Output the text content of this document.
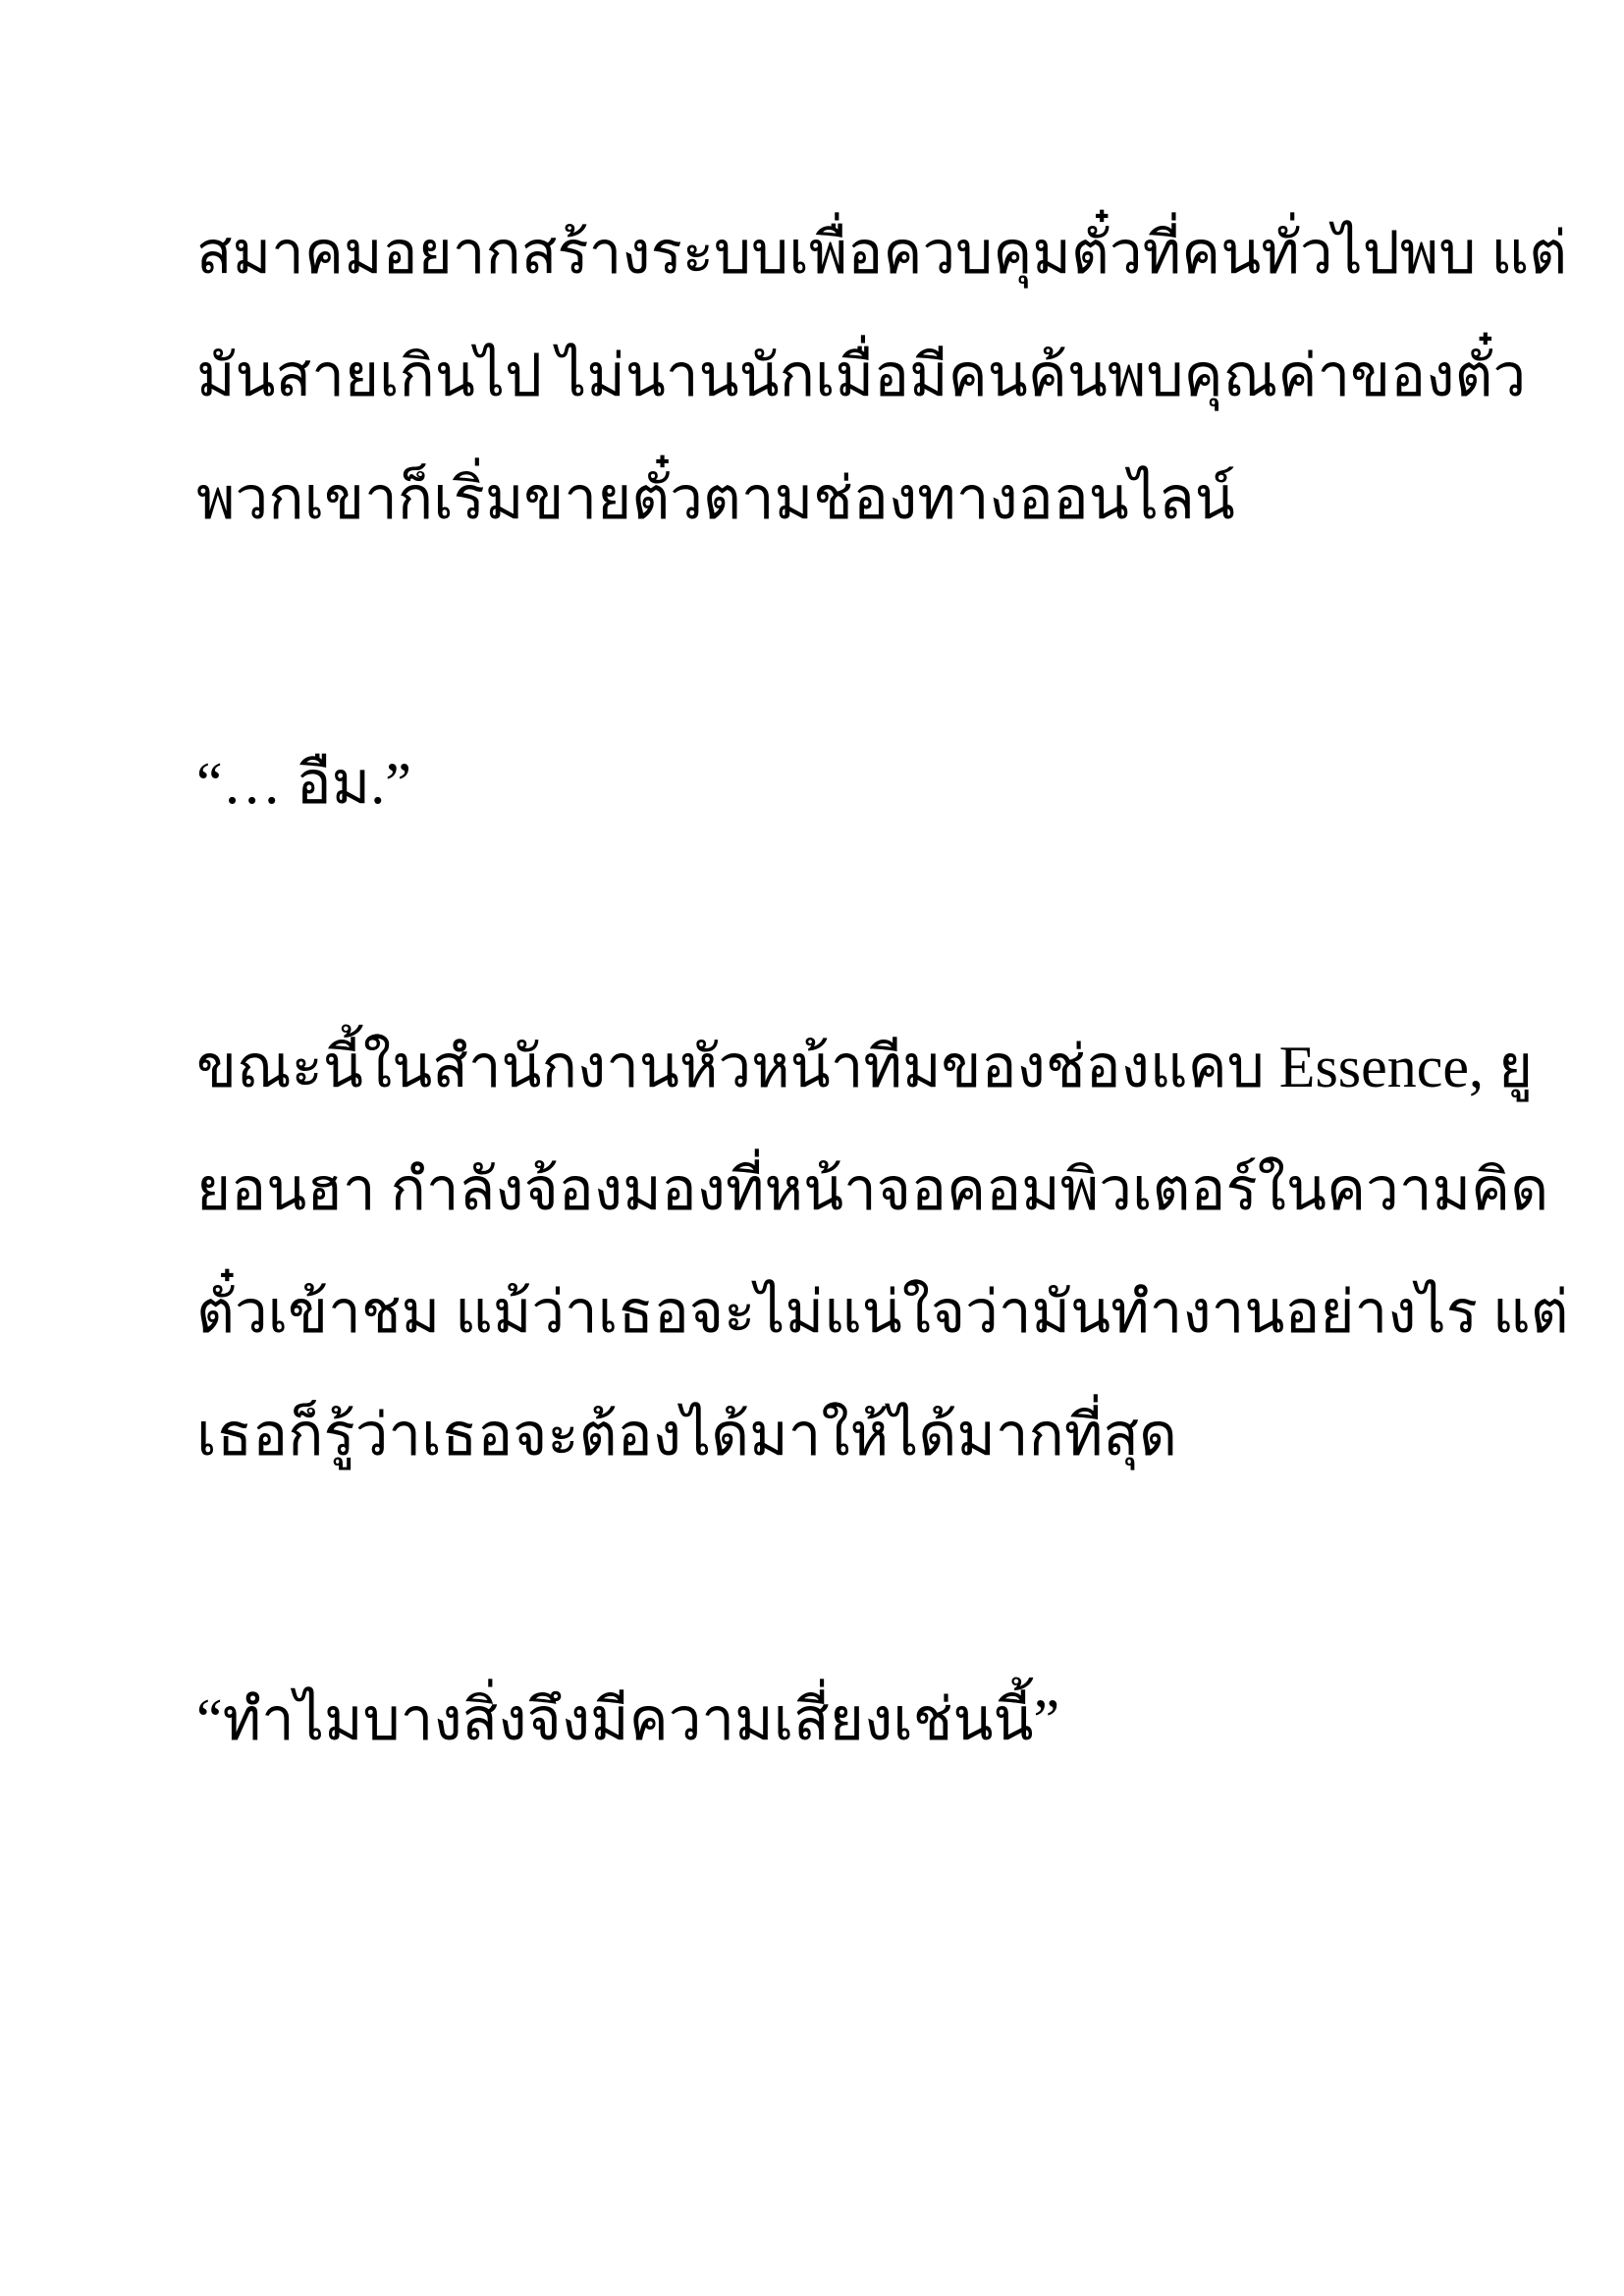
สมาคมอยากสร้างระบบเพื่อควบคุมตั๋วที่คนทั่วไปพบ แต่
มันสายเกินไป ไม่นานนักเมื่อมีคนค้นพบคุณค่าของตั๋ว
พวกเขาก็เริ่มขายตั๋วตามช่องทางออนไลน์
“… อืม.”
ขณะนี้ในสำนักงานหัวหน้าทีมของช่องแคบ Essence, ยู
ยอนฮา กำลังจ้องมองที่หน้าจอคอมพิวเตอร์ในความคิด
ตั๋วเข้าชม แม้ว่าเธอจะไม่แน่ใจว่ามันทำงานอย่างไร แต่
เธอก็รู้ว่าเธอจะต้องได้มาให้ได้มากที่สุด
“ทำไมบางสิ่งจึงมีความเสี่ยงเช่นนี้”
